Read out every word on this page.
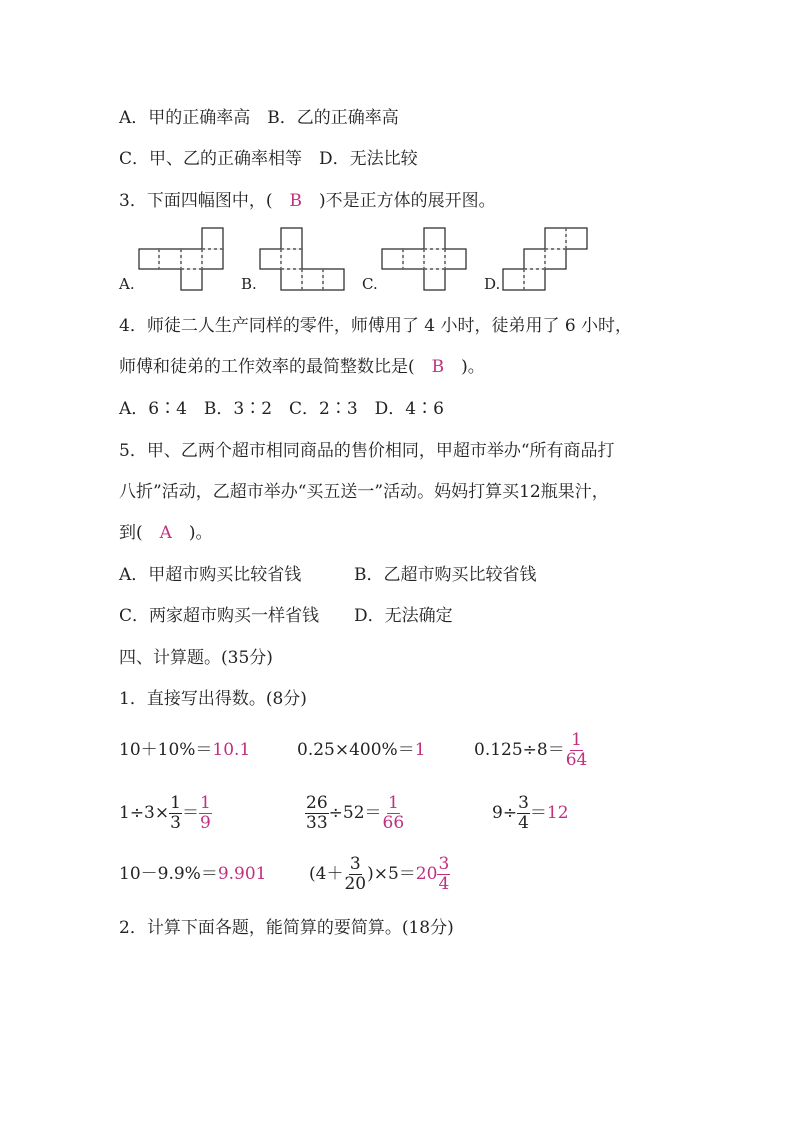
A．甲的正确率高　B．乙的正确率高
C．甲、乙的正确率相等　D．无法比较
3．下面四幅图中，(　B　)不是正方体的展开图。
A.	B.	C.	D.
4．师徒二人生产同样的零件，师傅用了 4 小时，徒弟用了 6 小时，
师傅和徒弟的工作效率的最简整数比是(　B　)。
A．6∶4　B．3∶2　C．2∶3　D．4∶6
5．甲、乙两个超市相同商品的售价相同，甲超市举办“所有商品打
八折”活动，乙超市举办“买五送一”活动。妈妈打算买12瓶果汁，
到(　A　)。
A．甲超市购买比较省钱	B．乙超市购买比较省钱
C．两家超市购买一样省钱 D．无法确定
四、计算题。(35分)
1．直接写出得数。(8分)
10＋10%＝10.1	0.25×400%＝1	$0.125\div 8= \frac{1}{64}$
$1\div 3\times \frac{1}{3} = \frac{1}{9}$	$\frac{26}{33} \div 52= \frac{1}{66}$	$9\div \frac{3}{4} =12$
10－9.9%＝9.901	$(4+ \frac{3}{20} )\times 5=20 \frac{3}{4}$
2．计算下面各题，能简算的要简算。(18分)
